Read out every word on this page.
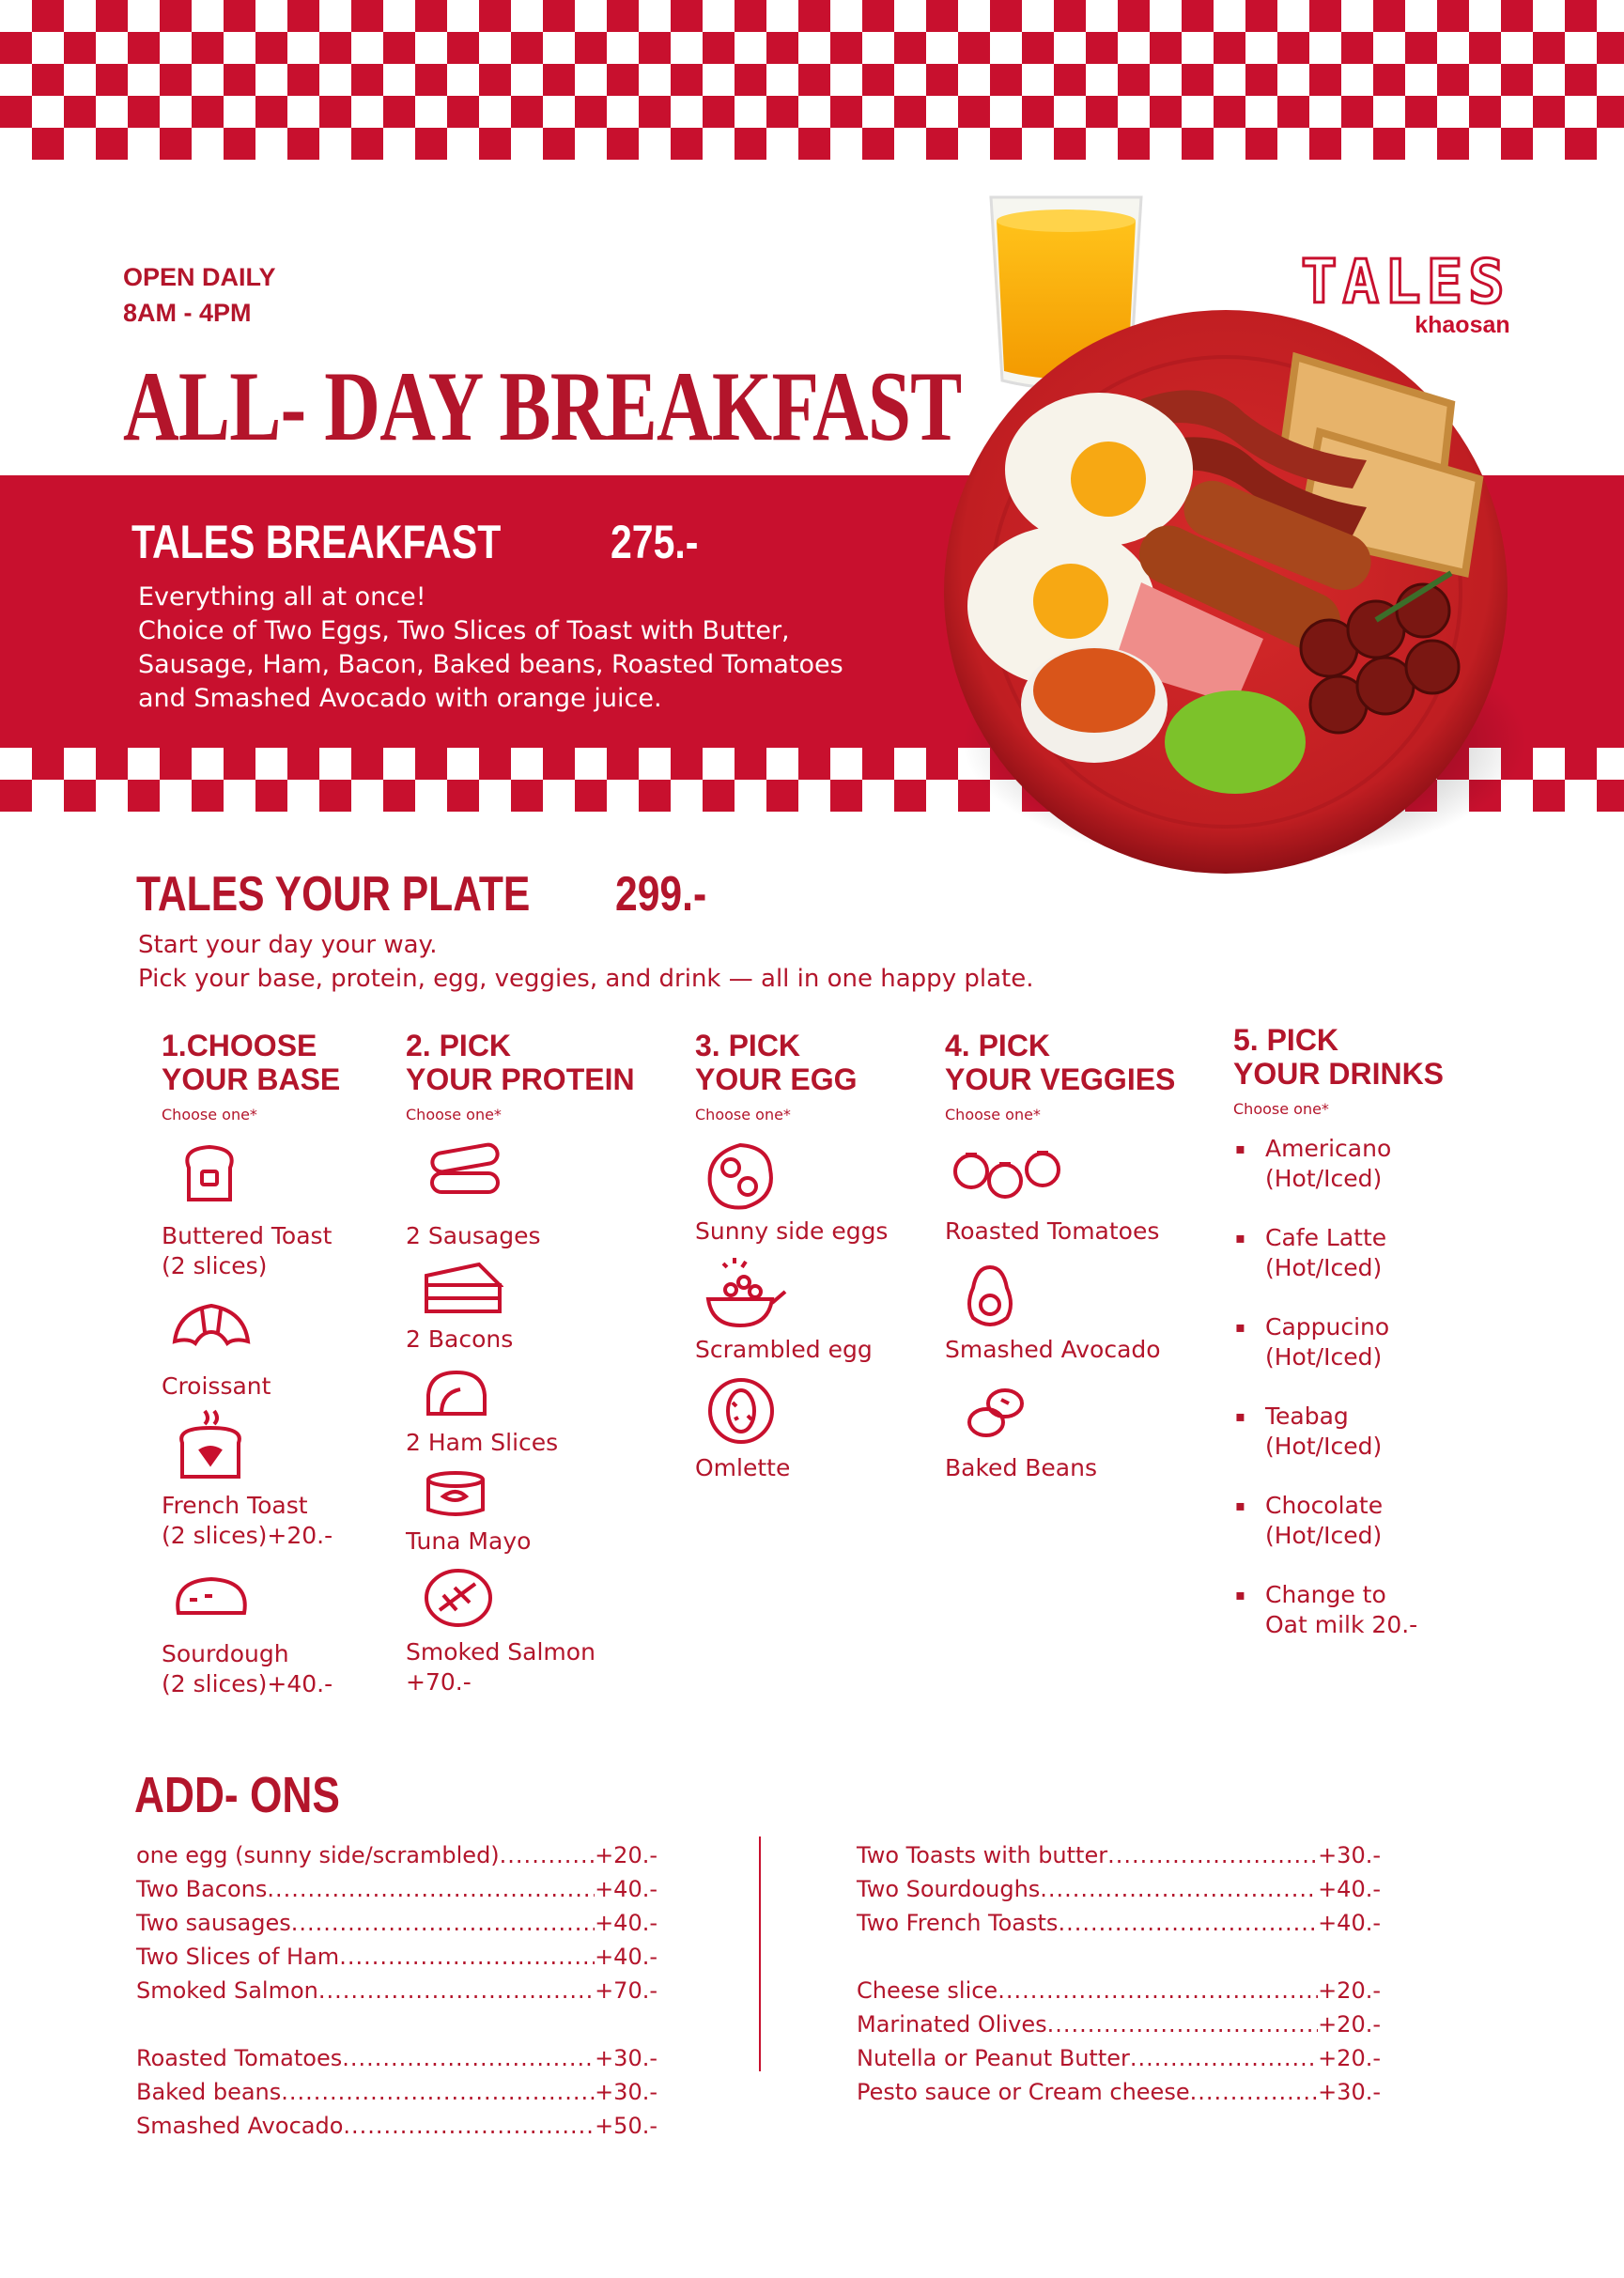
OPEN DAILY
8AM - 4PM	TALES
khaosan
ALL- DAY BREAKFAST
TALES BREAKFAST 275.-
Everything all at once!
Choice of Two Eggs, Two Slices of Toast with Butter,
Sausage, Ham, Bacon, Baked beans, Roasted Tomatoes
and Smashed Avocado with orange juice.
TALES YOUR PLATE 299.-
Start your day your way.
Pick your base, protein, egg, veggies, and drink — all in one happy plate.
1.CHOOSE
YOUR BASE
Choose one*
Buttered Toast
(2 slices)
Croissant
French Toast
(2 slices)+20.-
Sourdough
(2 slices)+40.-
2. PICK
YOUR PROTEIN
Choose one*
2 Sausages
2 Bacons
2 Ham Slices
Tuna Mayo
Smoked Salmon
+70.-
3. PICK
YOUR EGG
Choose one*
Sunny side eggs
Scrambled egg
Omlette
4. PICK
YOUR VEGGIES
Choose one*
Roasted Tomatoes
Smashed Avocado
Baked Beans
5. PICK
YOUR DRINKS
Choose one*
▪ Americano
(Hot/Iced)
▪ Cafe Latte
(Hot/Iced)
▪ Cappucino
(Hot/Iced)
▪ Teabag
(Hot/Iced)
▪ Chocolate
(Hot/Iced)
▪ Change to
Oat milk 20.-
ADD- ONS
one egg (sunny side/scrambled) .....	+20.-
Two Bacons .....	+40.-
Two sausages .....	+40.-
Two Slices of Ham .....	+40.-
Smoked Salmon .....	+70.-
Roasted Tomatoes .....	+30.-
Baked beans .....	+30.-
Smashed Avocado .....	+50.-
Two Toasts with butter .....	+30.-
Two Sourdoughs .....	+40.-
Two French Toasts .....	+40.-
Cheese slice .....	+20.-
Marinated Olives .....	+20.-
Nutella or Peanut Butter .....	+20.-
Pesto sauce or Cream cheese .....	+30.-
